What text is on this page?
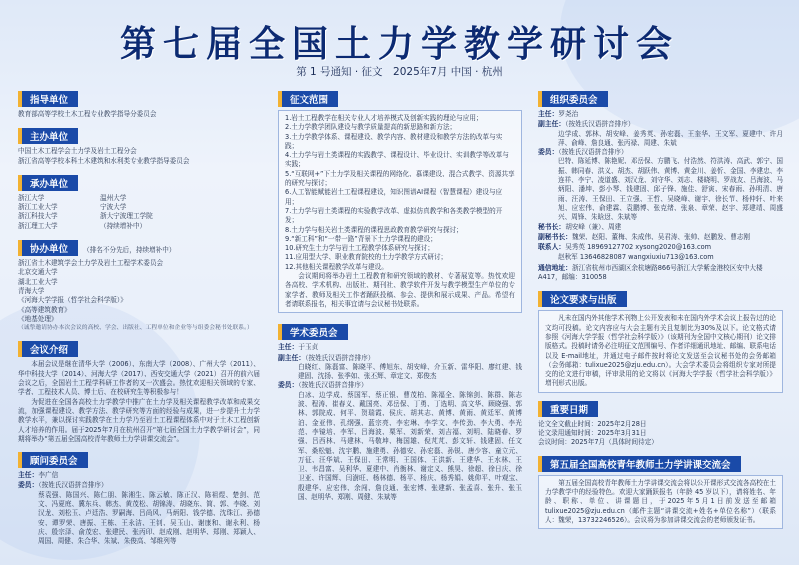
第七届全国土力学教学研讨会
第 1 号通知 · 征文　2025年7月 中国 · 杭州
指导单位
教育部高等学校土木工程专业教学指导分委员会
主办单位
中国土木工程学会土力学及岩土工程分会
浙江省高等学校本科土木建筑和水利类专业教学指导委员会
承办单位
浙江大学	温州大学
浙江工业大学	宁波大学
浙江科技大学	浙大宁波理工学院
浙江理工大学	（持续增补中）
协办单位 （排名不分先后，持续增补中）
浙江省土木建筑学会土力学及岩土工程学术委员会
北京交通大学
湖北工业大学
青海大学
《河海大学学报（哲学社会科学版）》
《高等建筑教育》
《地基处理》
（诚挚邀请协办本次会议的高校、学会、出版社、工程单位和企业等与组委会秘书处联系。）
会议介绍
本届会议是继在清华大学（2006）、东南大学（2008）、广州大学（2011）、华中科技大学（2014）、河海大学（2017）、西安交通大学（2021）召开的前六届会议之后，全国岩土工程学科研工作者的又一次盛会。热忱欢迎相关领域的专家、学者、工程技术人员、博士后、在校研究生等积极参与！
为促进在全国各高校土力学教学中推广在土力学及相关课程教学改革和成果交流，加强课程建设、教学方法、教学研究等方面的经验与成果，进一步提升土力学教学水平，兼以探讨实践教学在土力学乃至岩土工程课程体系中对于土木工程创新人才培养的作用。届于2025年7月在杭州召开“第七届全国土力学教学研讨会”，同期将举办“第五届全国高校青年教师土力学讲课交流会”。
顾问委员会
主任：李广信
委员：（按姓氏汉语拼音排序）
蔡袁强、陈国兴、陈仁朋、陈湘生、陈云敏、陈正汉、陈祖煜、楚剑、范文、冯夏庭、冀东兵、韩杰、黄茂松、胡锦涛、胡晓东、简、郭、李晓、刘汉龙、刘松玉、卢廷浩、罗嗣海、吕尚风、马炳阳、钱学德、沈珠江、孙德安、谭罗荣、唐振、王栋、王永洁、王钊、吴玉山、谢康和、谢永利、杨庆、殷宗泽、俞茂宏、张建民、张丙印、赵成刚、赵明华、郑刚、郑颖人、周国、周健、朱合华、朱斌、朱俊高、邹维列等
征文范围
1.岩土工程教学在相关专业人才培养模式及创新实践的理论与应用；
2.土力学教学团队建设与教学质量提高的新思路和新方法；
3.土力学教学体系、课程建设、教学内容、教材建设和教学方法的改革与实践；
4.土力学与岩土类课程的实践教学、课程设计、毕业设计、实训教学等改革与实践；
5.“互联网+”下土力学及相关课程的网络化、慕课建设、混合式教学、资源共享的研究与探讨；
6.人工智能赋能岩土工程课程建设，知识图谱AI课程（智慧课程）建设与应用；
7.土力学与岩土类课程的实验教学改革、虚拟仿真教学和各类教学模型的开发；
8.土力学与相关岩土类课程的课程思政教育教学研究与探讨；
9.“新工科”和“一带一路”背景下土力学课程的建设；
10.研究生土力学与岩土工程教学体系研究与探讨；
11.应用型大学、职业教育院校的土力学教学方式研讨；
12.其他相关课程教学改革与建设。
会议期间将举办岩土工程教育和研究领域的教材、专著展览等。热忱欢迎各高校、学术机构、出版社、期刊社、教学软件开发与教学模型生产单位的专家学者、教师及相关工作者踊跃投稿、参会、提供和展示成果、产品。希望有者请联系报名，相关事宜请与会议秘书处联系。
学术委员会
主任：于玉贞
副主任：（按姓氏汉语拼音排序）
白晓红、陈磊富、陈晓平、傅旭东、胡安峰、介玉新、雷华阳、廖红建、钱建固、沈扬、张季如、张丕辉、章定文、郑俊杰
委员：（按姓氏汉语拼音排序）
白冰、边学成、蔡国军、蔡正银、曹茂柏、陈福全、陈锦剑、陈群、陈志波、程涛、崔春义、戴国亮、邓岳保、丁勇、丁选明、高文华、顾晓强、郭林、郭院成、何平、贺瑞霞、侯庆、胡其志、黄博、黄雨、黄廷军、黄博泊、金亚伟、孔纲强、蓝宗亮、李宏琳、李学文、李传劲、李大勇、李光范、李镜培、李军、吕海波、栗军、刘新荣、刘吉福、刘明、陆晓春、罗强、吕西林、马建林、马敬坤、梅国雄、倪芃芃、彭文轩、钱建固、任文军、桑松魁、沈宇鹏、施建勇、孙德安、孙宏磊、孙锐、唐少容、童立元、万征、汪华斌、王保田、王常明、王国体、王洪新、王建华、王水林、王卫、韦昌富、吴利华、夏建中、肖衡林、谢定义、熊昊、徐超、徐日庆、徐卫亚、许国辉、闫澍旺、杨林德、杨平、杨庆、杨秀娟、姚仰平、叶观宝、殷建华、应宏伟、余闯、詹良通、张宏博、张建新、张孟喜、张升、张玉国、赵明华、郑刚、周健、朱斌等
组织委员会
主任：罗尧治
副主任：（按姓氏汉语拼音排序）
边学成、郭林、胡安峰、姜秀英、孙宏磊、王奎华、王文军、夏建中、许月萍、俞峰、詹良通、张丙禄、周建、朱斌
委员：（按姓氏汉语拼音排序）
巴特、陈延博、陈艳妮、邓岳保、方鹏飞、付浩然、符洪涛、高武、郭宁、国振、韩同春、洪义、胡杰、胡跃伟、黄博、黄金川、姜忻、金国、李建忠、李连祥、李宁、凌道盛、刘汉龙、刘守华、刘志、楼晓明、罗战友、吕海波、马炳阳、潘坤、彭小琴、钱建固、邱子锋、施佳、舒寅、宋春雨、孙明清、唐雨、汪涛、王保田、王立强、王哲、吴晓峰、谢宇、徐长节、杨仲轩、叶来旭、应宏伟、俞建霖、袁鹏博、张克绪、张泉、章荣、赵宇、郑建靖、周盛兴、周锋、朱晗迓、朱斌等
秘书长：胡安峰（兼）、周建
副秘书长：魏荣、赵阳、董梅、朱成伟、吴君涛、张帅、赵鹏发、曹志刚
联系人：吴秀英 18969127702 xysong2020@163.com
赵秋军 13646828087 wangxiuxiu713@163.com
通信地址：浙江省杭州市西湖区余杭塘路866号浙江大学紫金港校区安中大楼A417，邮编：310058
论文要求与出版
凡未在国内外其他学术刊物上公开发表和未在国内外学术会议上报告过的论文均可投稿。论文内容应与大会主题有关且复制比为30%及以下。论文格式请参照《河海大学学报（哲学社会科学版）》（该期刊为全国中文核心期刊）论文排版格式。投稿时请务必注明征文范围编号、作者详细通讯地址、邮编、联系电话以及 E-mail地址，并通过电子邮件按时将论文发送至会议秘书处的会务邮箱（会务邮箱：tulixue2025@zju.edu.cn）。大会学术委员会将组织专家对所提交的论文进行审稿，评审录用的论文将以《河海大学学报（哲学社会科学版）》增刊形式出版。
重要日期
论文全文截止时间：2025年2月28日
论文录用通知时间：2025年3月31日
会议时间：2025年7月（具体时间待定）
第五届全国高校青年教师土力学讲课交流会
第五届全国高校青年教师土力学讲课交流会将以公开课形式交流各高校在土力学教学中的经验特色。欢迎大家踊跃报名（年龄 45 岁以下），请将姓名、年龄、职称、单位、讲课题目，于2025年5月1日前发送至邮箱tulixue2025@zju.edu.cn（邮件主题“讲课交流+姓名+单位名称”）（联系人：魏荣，13732246526）。会议将为参加讲课交流会的老师颁发证书。
